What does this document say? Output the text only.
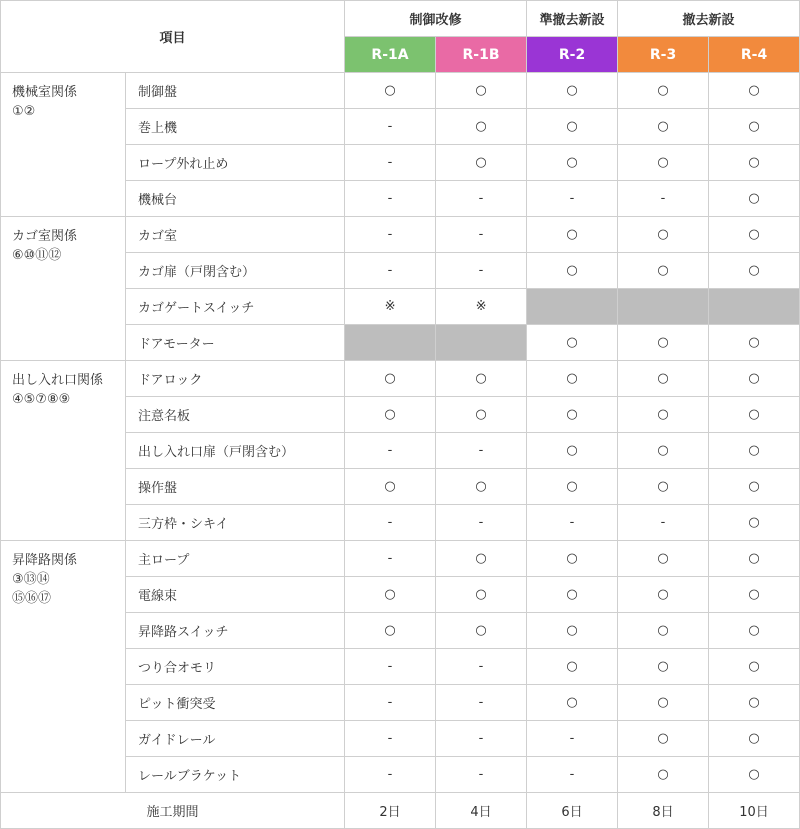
項目		制御改修		準撤去新設	撤去新設	
		R-1A	R-1B	R-2	R-3	R-4

機械室関係
①②	制御盤	○	○	○	○	○
	巻上機	-	○	○	○	○
	ロープ外れ止め	-	○	○	○	○
	機械台	-	-	-	-	○

カゴ室関係
⑥⑩⑪⑫	カゴ室	-	-	○	○	○
	カゴ扉（戸閉含む）	-	-	○	○	○
	カゴゲートスイッチ	※	※			
	ドアモーター			○	○	○

出し入れ口関係
④⑤⑦⑧⑨	ドアロック	○	○	○	○	○
	注意名板	○	○	○	○	○
	出し入れ口扉（戸閉含む）	-	-	○	○	○
	操作盤	○	○	○	○	○
	三方枠・シキイ	-	-	-	-	○

昇降路関係
③⑬⑭
⑮⑯⑰	主ロープ	-	○	○	○	○
	電線束	○	○	○	○	○
	昇降路スイッチ	○	○	○	○	○
	つり合オモリ	-	-	○	○	○
	ピット衝突受	-	-	○	○	○
	ガイドレール	-	-	-	○	○
	レールブラケット	-	-	-	○	○
施工期間		2日	4日	6日	8日	10日
